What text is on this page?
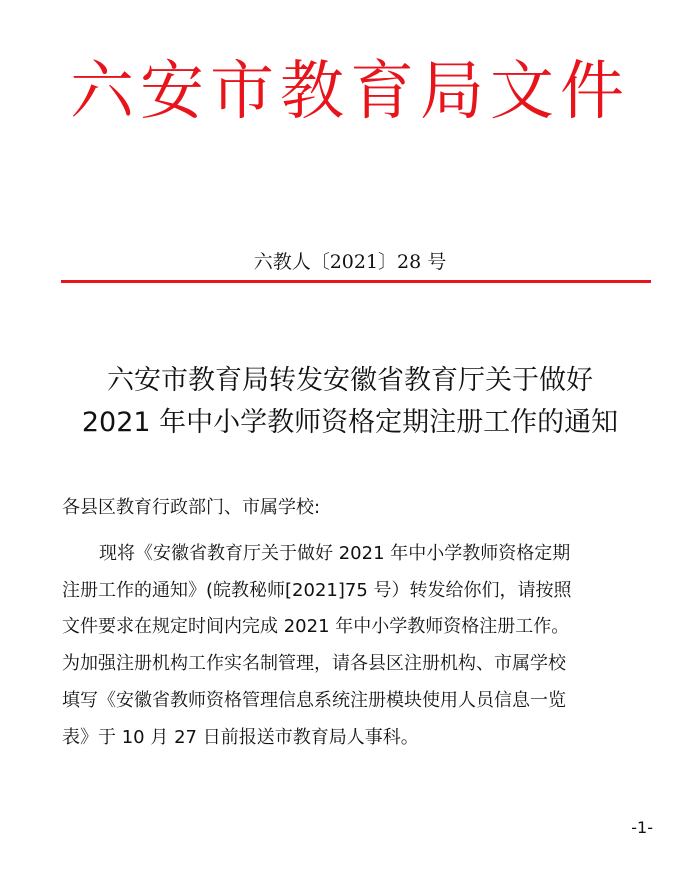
六安市教育局文件
六教人〔2021〕28 号
六安市教育局转发安徽省教育厅关于做好
2021 年中小学教师资格定期注册工作的通知
各县区教育行政部门、市属学校:
现将《安徽省教育厅关于做好 2021 年中小学教师资格定期
注册工作的通知》(皖教秘师[2021]75 号）转发给你们，请按照
文件要求在规定时间内完成 2021 年中小学教师资格注册工作。
为加强注册机构工作实名制管理，请各县区注册机构、市属学校
填写《安徽省教师资格管理信息系统注册模块使用人员信息一览
表》于 10 月 27 日前报送市教育局人事科。
-1-
